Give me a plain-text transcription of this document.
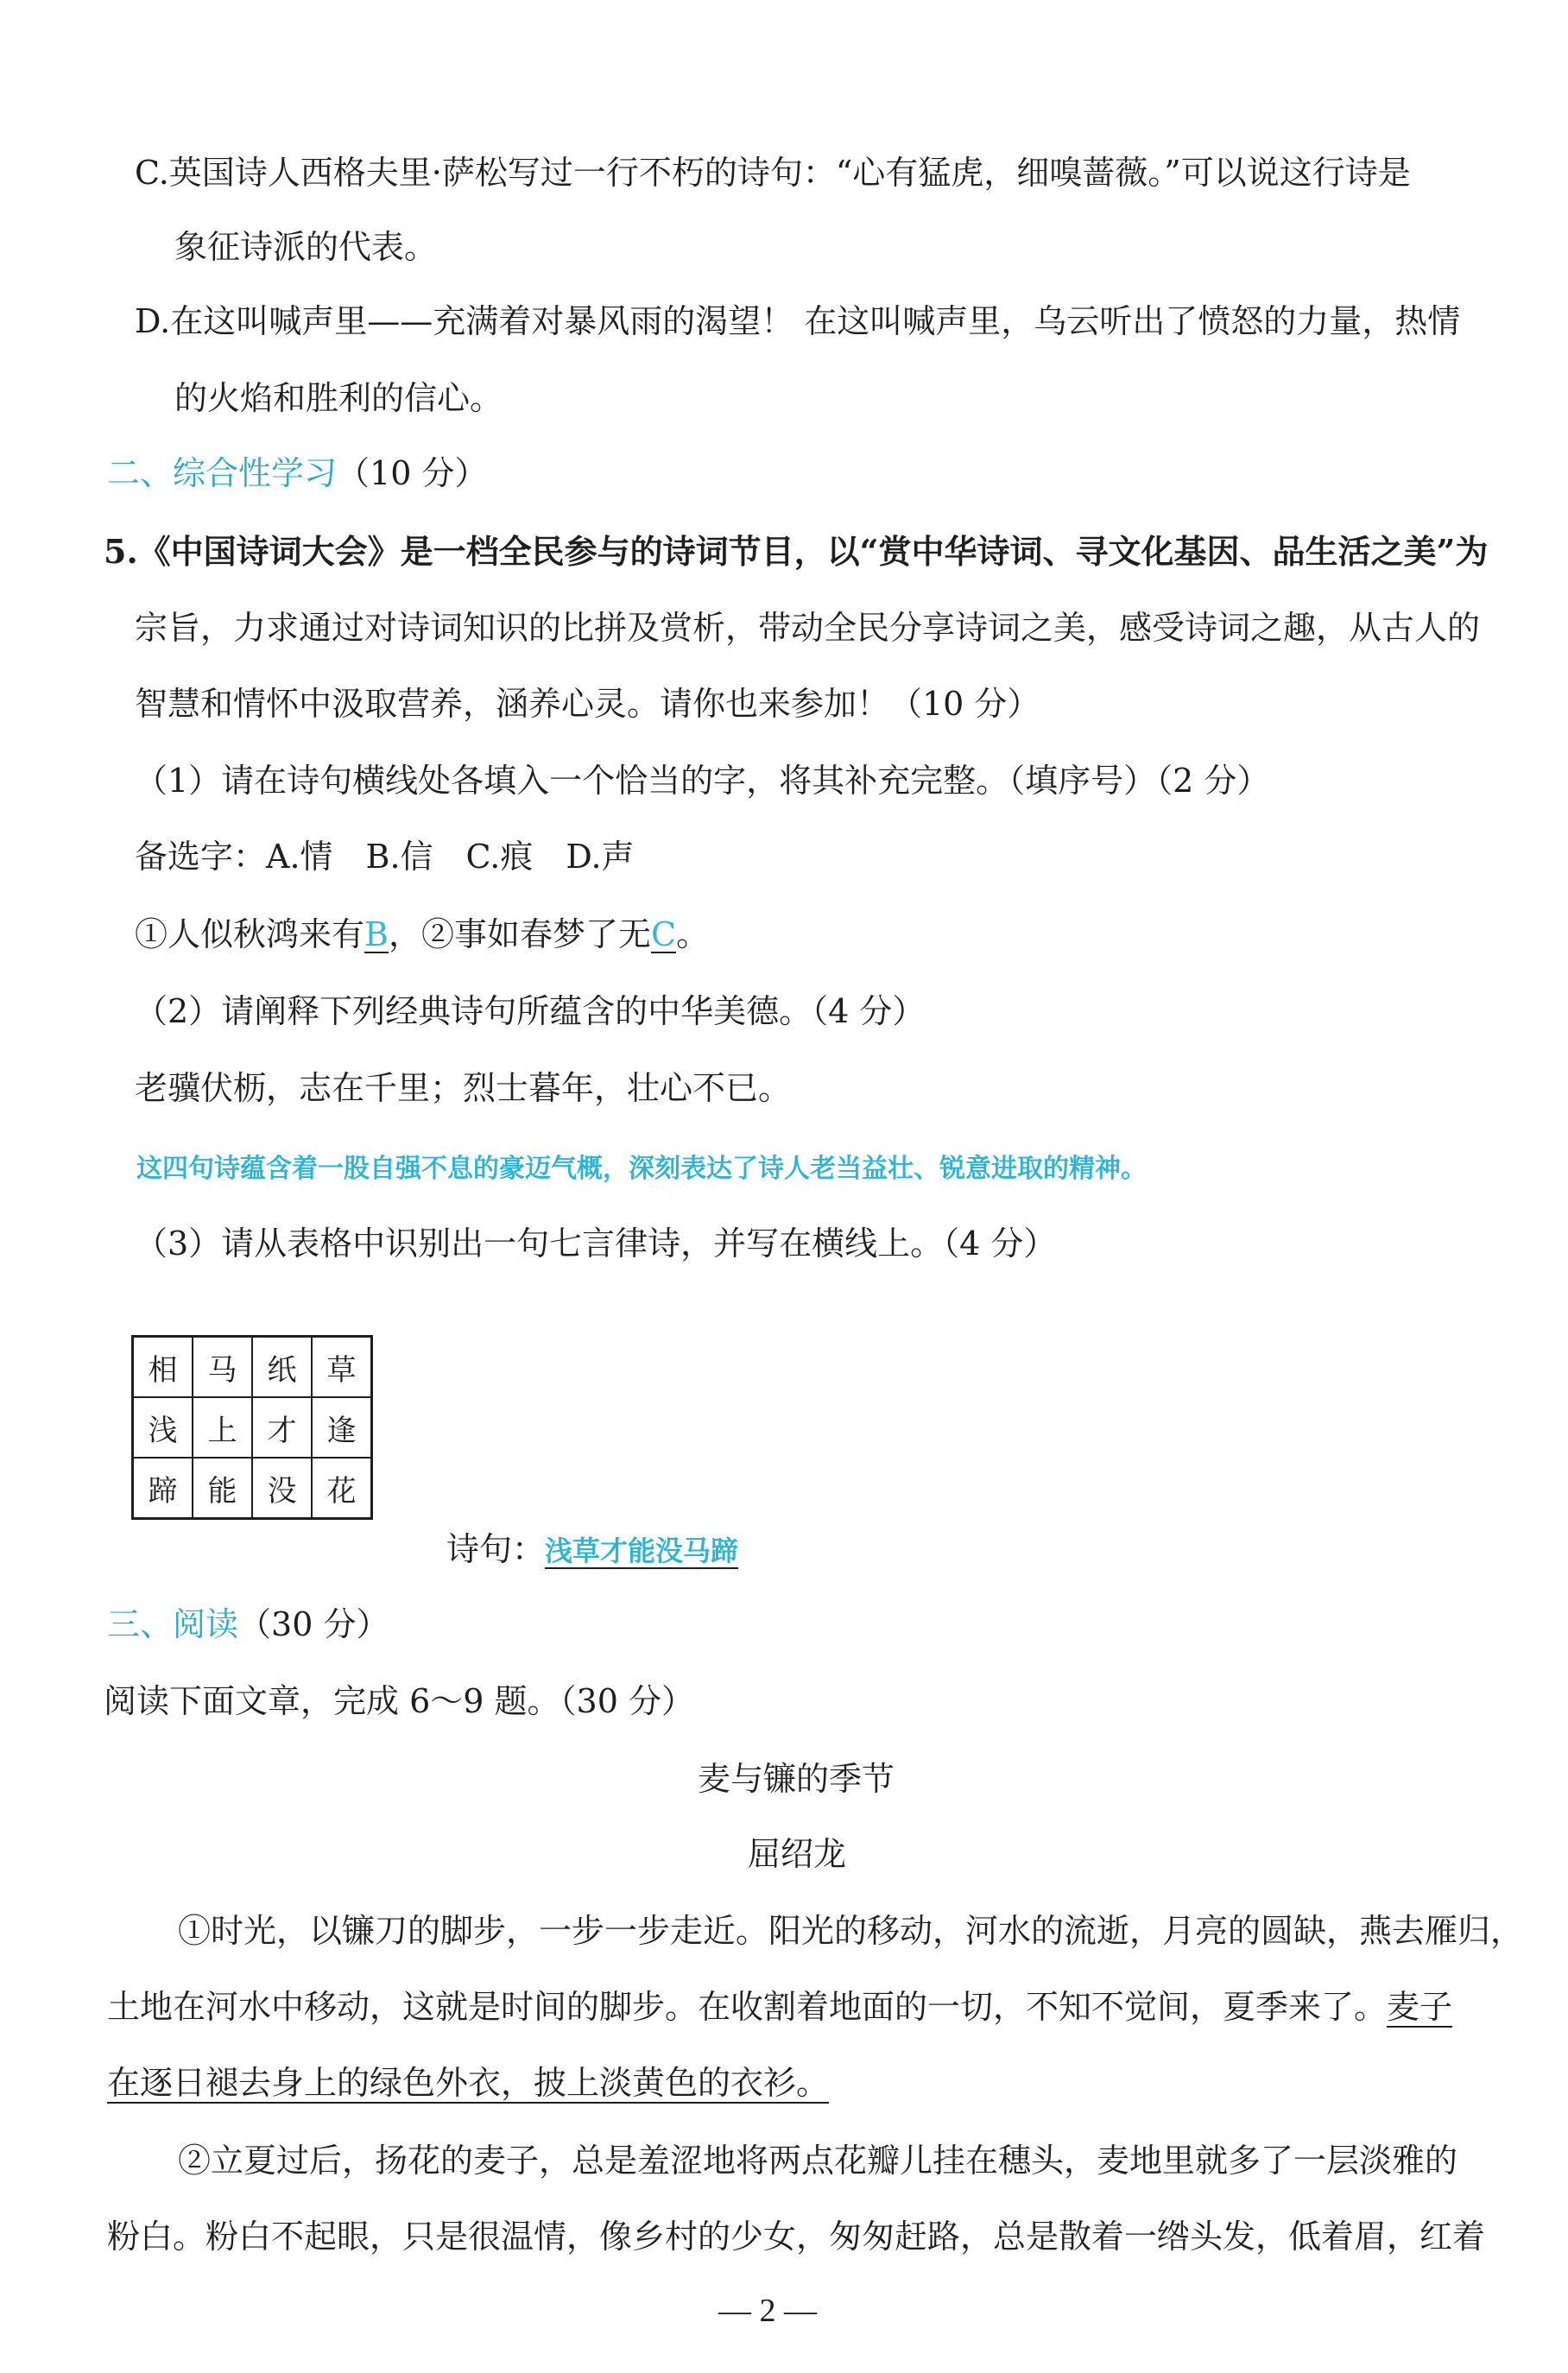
C.英国诗人西格夫里·萨松写过一行不朽的诗句：“心有猛虎，细嗅蔷薇。”可以说这行诗是
象征诗派的代表。
D.在这叫喊声里——充满着对暴风雨的渴望！ 在这叫喊声里，乌云听出了愤怒的力量，热情
的火焰和胜利的信心。
二、综合性学习（10 分）
5.《中国诗词大会》是一档全民参与的诗词节目，以“赏中华诗词、寻文化基因、品生活之美”为
宗旨，力求通过对诗词知识的比拼及赏析，带动全民分享诗词之美，感受诗词之趣，从古人的
智慧和情怀中汲取营养，涵养心灵。请你也来参加！（10 分）
（1）请在诗句横线处各填入一个恰当的字，将其补充完整。（填序号）（2 分）
备选字：A.情　B.信　C.痕　D.声
①人似秋鸿来有B，②事如春梦了无C。
（2）请阐释下列经典诗句所蕴含的中华美德。（4 分）
老骥伏枥，志在千里；烈士暮年，壮心不已。
这四句诗蕴含着一股自强不息的豪迈气概，深刻表达了诗人老当益壮、锐意进取的精神。
（3）请从表格中识别出一句七言律诗，并写在横线上。（4 分）
相	马	纸	草
浅	上	才	逢
蹄	能	没	花
诗句：浅草才能没马蹄
三、阅读（30 分）
阅读下面文章，完成 6～9 题。（30 分）
麦与镰的季节
屈绍龙
①时光，以镰刀的脚步，一步一步走近。阳光的移动，河水的流逝，月亮的圆缺，燕去雁归，
土地在河水中移动，这就是时间的脚步。在收割着地面的一切，不知不觉间，夏季来了。麦子
在逐日褪去身上的绿色外衣，披上淡黄色的衣衫。
②立夏过后，扬花的麦子，总是羞涩地将两点花瓣儿挂在穗头，麦地里就多了一层淡雅的
粉白。粉白不起眼，只是很温情，像乡村的少女，匆匆赶路，总是散着一绺头发，低着眉，红着
— 2 —
